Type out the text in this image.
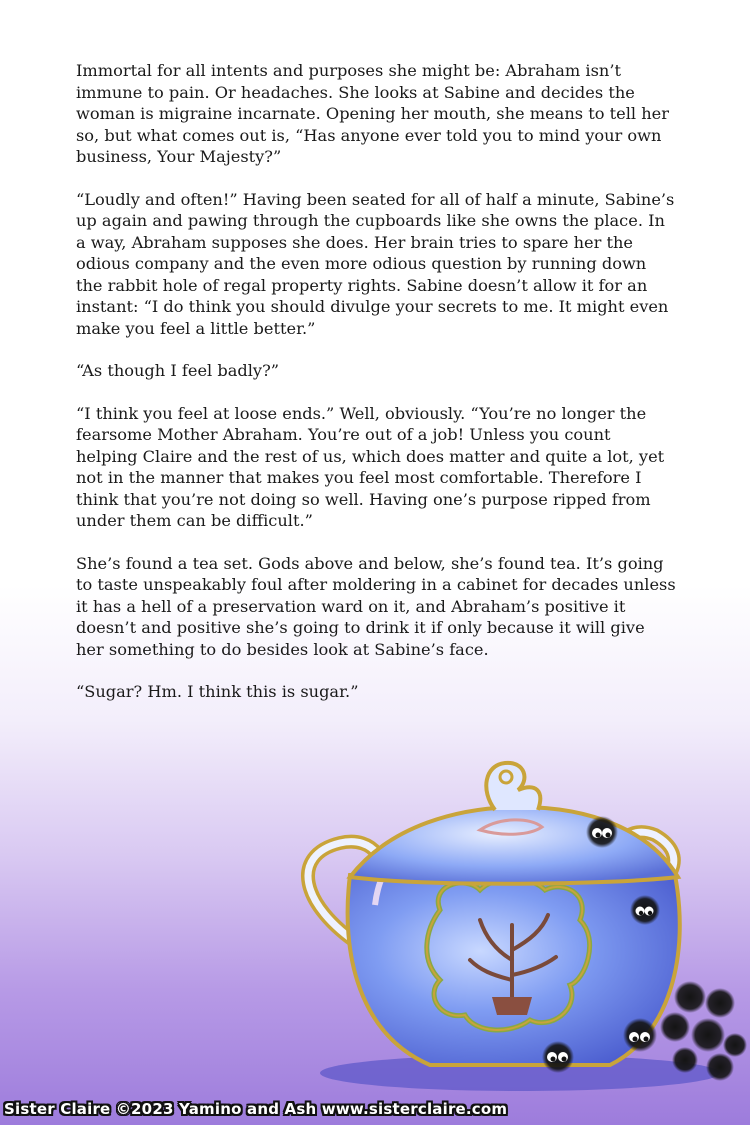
Immortal for all intents and purposes she might be: Abraham isn’t immune to pain. Or headaches. She looks at Sabine and decides the woman is migraine incarnate. Opening her mouth, she means to tell her so, but what comes out is, “Has anyone ever told you to mind your own business, Your Majesty?”

“Loudly and often!” Having been seated for all of half a minute, Sabine’s up again and pawing through the cupboards like she owns the place. In a way, Abraham supposes she does. Her brain tries to spare her the odious company and the even more odious question by running down the rabbit hole of regal property rights. Sabine doesn’t allow it for an instant: “I do think you should divulge your secrets to me. It might even make you feel a little better.”

“As though I feel badly?”

“I think you feel at loose ends.” Well, obviously. “You’re no longer the fearsome Mother Abraham. You’re out of a job! Unless you count helping Claire and the rest of us, which does matter and quite a lot, yet not in the manner that makes you feel most comfortable. Therefore I think that you’re not doing so well. Having one’s purpose ripped from under them can be difficult.”

She’s found a tea set. Gods above and below, she’s found tea. It’s going to taste unspeakably foul after moldering in a cabinet for decades unless it has a hell of a preservation ward on it, and Abraham’s positive it doesn’t and positive she’s going to drink it if only because it will give her something to do besides look at Sabine’s face.

“Sugar? Hm. I think this is sugar.”

Sister Claire ©2023 Yamino and Ash www.sisterclaire.com
